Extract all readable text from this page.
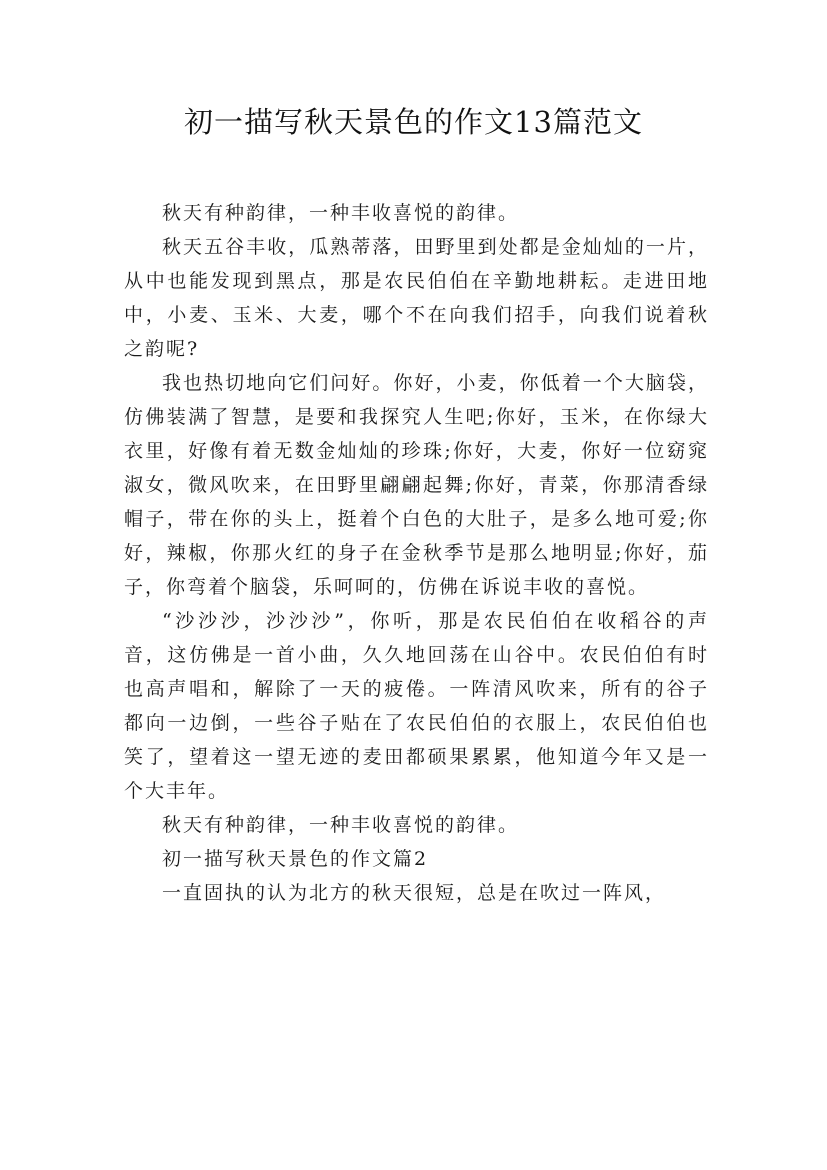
初一描写秋天景色的作文13篇范文

秋天有种韵律，一种丰收喜悦的韵律。

秋天五谷丰收，瓜熟蒂落，田野里到处都是金灿灿的一片，从中也能发现到黑点，那是农民伯伯在辛勤地耕耘。走进田地中，小麦、玉米、大麦，哪个不在向我们招手，向我们说着秋之韵呢?

我也热切地向它们问好。你好，小麦，你低着一个大脑袋，仿佛装满了智慧，是要和我探究人生吧;你好，玉米，在你绿大衣里，好像有着无数金灿灿的珍珠;你好，大麦，你好一位窈窕淑女，微风吹来，在田野里翩翩起舞;你好，青菜，你那清香绿帽子，带在你的头上，挺着个白色的大肚子，是多么地可爱;你好，辣椒，你那火红的身子在金秋季节是那么地明显;你好，茄子，你弯着个脑袋，乐呵呵的，仿佛在诉说丰收的喜悦。

“沙沙沙，沙沙沙”，你听，那是农民伯伯在收稻谷的声音，这仿佛是一首小曲，久久地回荡在山谷中。农民伯伯有时也高声唱和，解除了一天的疲倦。一阵清风吹来，所有的谷子都向一边倒，一些谷子贴在了农民伯伯的衣服上，农民伯伯也笑了，望着这一望无迹的麦田都硕果累累，他知道今年又是一个大丰年。

秋天有种韵律，一种丰收喜悦的韵律。

初一描写秋天景色的作文篇2

一直固执的认为北方的秋天很短，总是在吹过一阵风，
